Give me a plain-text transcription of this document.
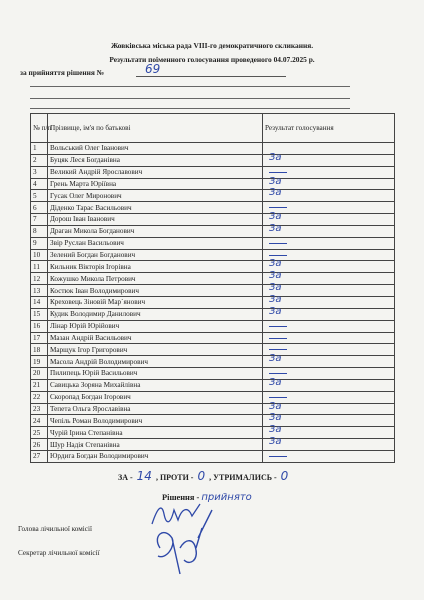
Жовківська міська рада VIII-го демократичного скликання.
Результати поіменного голосування проведеного 04.07.2025 р.
за прийняття рішення №	69
№ п/п	Прізвище, ім'я по батькові	Результат голосування
1	Вольський Олег Іванович	
2	Буцяк Леся Богданівна	За

3	Великий Андрій Ярославович	

4	Грень Марта Юріївна	За

5	Гусак Олег Миронович	За

6	Діденко Тарас Васильович	

7	Дорош Іван Іванович	За

8	Драган Микола Богданович	За

9	Звір Руслан Васильович	

10	Зелений Богдан Богданович	

11	Кильник Вікторія Ігорівна	За

12	Кожушко Микола Петрович	За

13	Костюк Іван Володимирович	За

14	Креховець Зіновій Мар`янович	За

15	Кудик Володимир Данилович	За

16	Лінар Юрій Юрійович	

17	Мазан Андрій Васильович	

18	Марщук Ігор Григорович	

19	Масола Андрій Володимирович	За

20	Пилипець Юрій Васильович	

21	Савицька Зоряна Михайлівна	За

22	Скоропад Богдан Ігорович	

23	Тепета Ольга Ярославівна	За

24	Чепіль Роман Володимирович	За

25	Чурій Ірина Степанівна	За

26	Шур Надія Степанівна	За

27	Юрдига Богдан Володимирович	
ЗА - 14 , ПРОТИ - 0 , УТРИМАЛИСЬ - 0
Рішення - прийнято
Голова лічильної комісії
Секретар лічильної комісії
